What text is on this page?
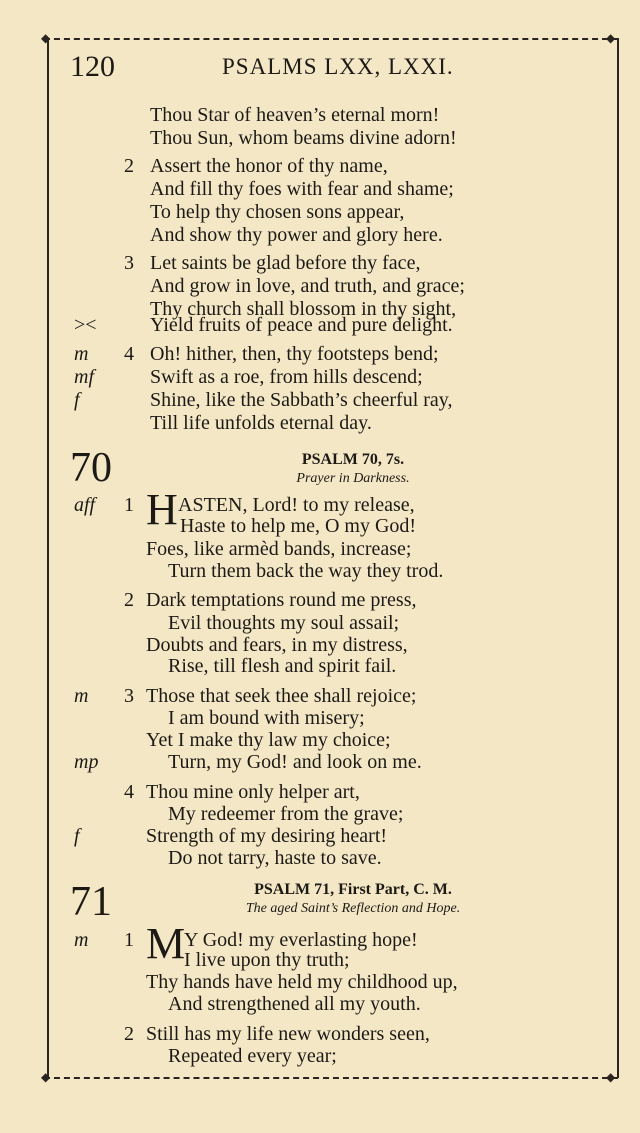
◆	◆
◆	◆
120	PSALMS LXX, LXXI.
Thou Star of heaven’s eternal morn!
Thou Sun, whom beams divine adorn!
2 Assert the honor of thy name,
And fill thy foes with fear and shame;
To help thy chosen sons appear,
And show thy power and glory here.
3 Let saints be glad before thy face,
And grow in love, and truth, and grace;
Thy church shall blossom in thy sight,
><	Yield fruits of peace and pure delight.
m
mf
f
4 Oh! hither, then, thy footsteps bend;
Swift as a roe, from hills descend;
Shine, like the Sabbath’s cheerful ray,
Till life unfolds eternal day.
70	PSALM 70, 7s.
Prayer in Darkness.
aff 1 H ASTEN, Lord! to my release,
Haste to help me, O my God!
Foes, like armèd bands, increase;
Turn them back the way they trod.
2 Dark temptations round me press,
Evil thoughts my soul assail;
Doubts and fears, in my distress,
Rise, till flesh and spirit fail.
m 3 Those that seek thee shall rejoice;
I am bound with misery;
Yet I make thy law my choice;
mp	Turn, my God! and look on me.
4 Thou mine only helper art,
My redeemer from the grave;
f	Strength of my desiring heart!
Do not tarry, haste to save.
71	PSALM 71, First Part, C. M.
The aged Saint’s Reflection and Hope.
m 1 M
Y God! my everlasting hope!
I live upon thy truth;
Thy hands have held my childhood up,
And strengthened all my youth.
2 Still has my life new wonders seen,
Repeated every year;
